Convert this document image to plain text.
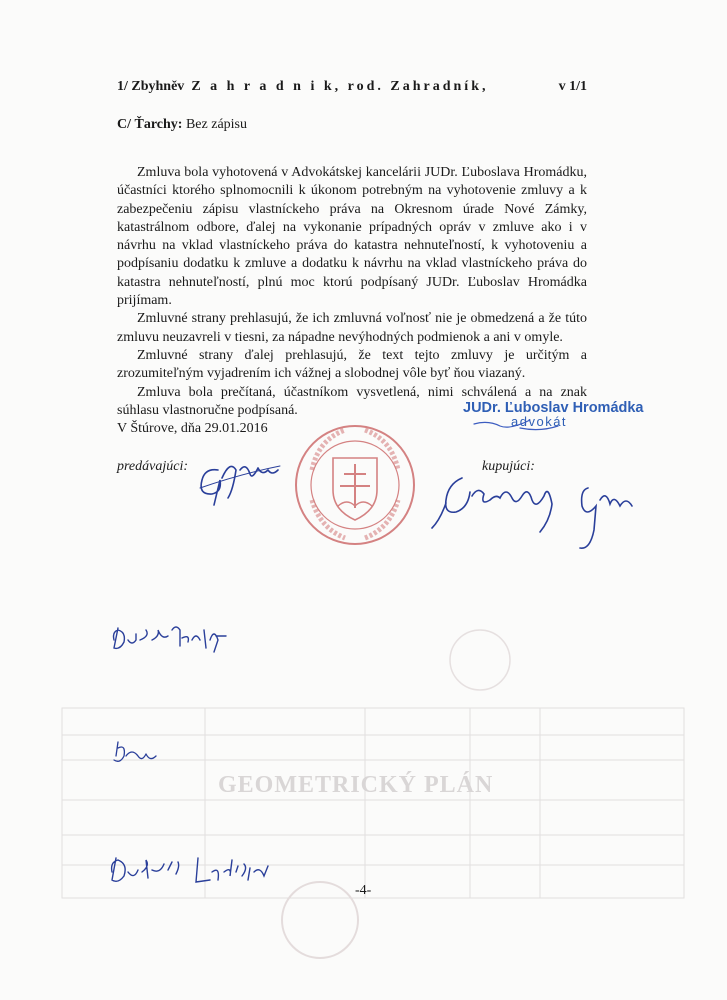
GEOMETRICKÝ PLÁN
1/ Zbyhněv Z a h r a d n i k, rod. Zahradník,	v 1/1
C/ Ťarchy: Bez zápisu

Zmluva bola vyhotovená v Advokátskej kancelárii JUDr. Ľuboslava Hromádku, účastníci ktorého splnomocnili k úkonom potrebným na vyhotovenie zmluvy a k zabezpečeniu zápisu vlastníckeho práva na Okresnom úrade Nové Zámky, katastrálnom odbore, ďalej na vykonanie prípadných opráv v zmluve ako i v návrhu na vklad vlastníckeho práva do katastra nehnuteľností, k vyhotoveniu a podpísaniu dodatku k zmluve a dodatku k návrhu na vklad vlastníckeho práva do katastra nehnuteľností, plnú moc ktorú podpísaný JUDr. Ľuboslav Hromádka prijímam.

Zmluvné strany prehlasujú, že ich zmluvná voľnosť nie je obmedzená a že túto zmluvu neuzavreli v tiesni, za nápadne nevýhodných podmienok a ani v omyle.

Zmluvné strany ďalej prehlasujú, že text tejto zmluvy je určitým a zrozumiteľným vyjadrením ich vážnej a slobodnej vôle byť ňou viazaný.

Zmluva bola prečítaná, účastníkom vysvetlená, nimi schválená a na znak súhlasu vlastnoručne podpísaná.

V Štúrove, dňa 29.01.2016
JUDr. Ľuboslav Hromádka
advokát
predávajúci:	kupujúci:
-4-
